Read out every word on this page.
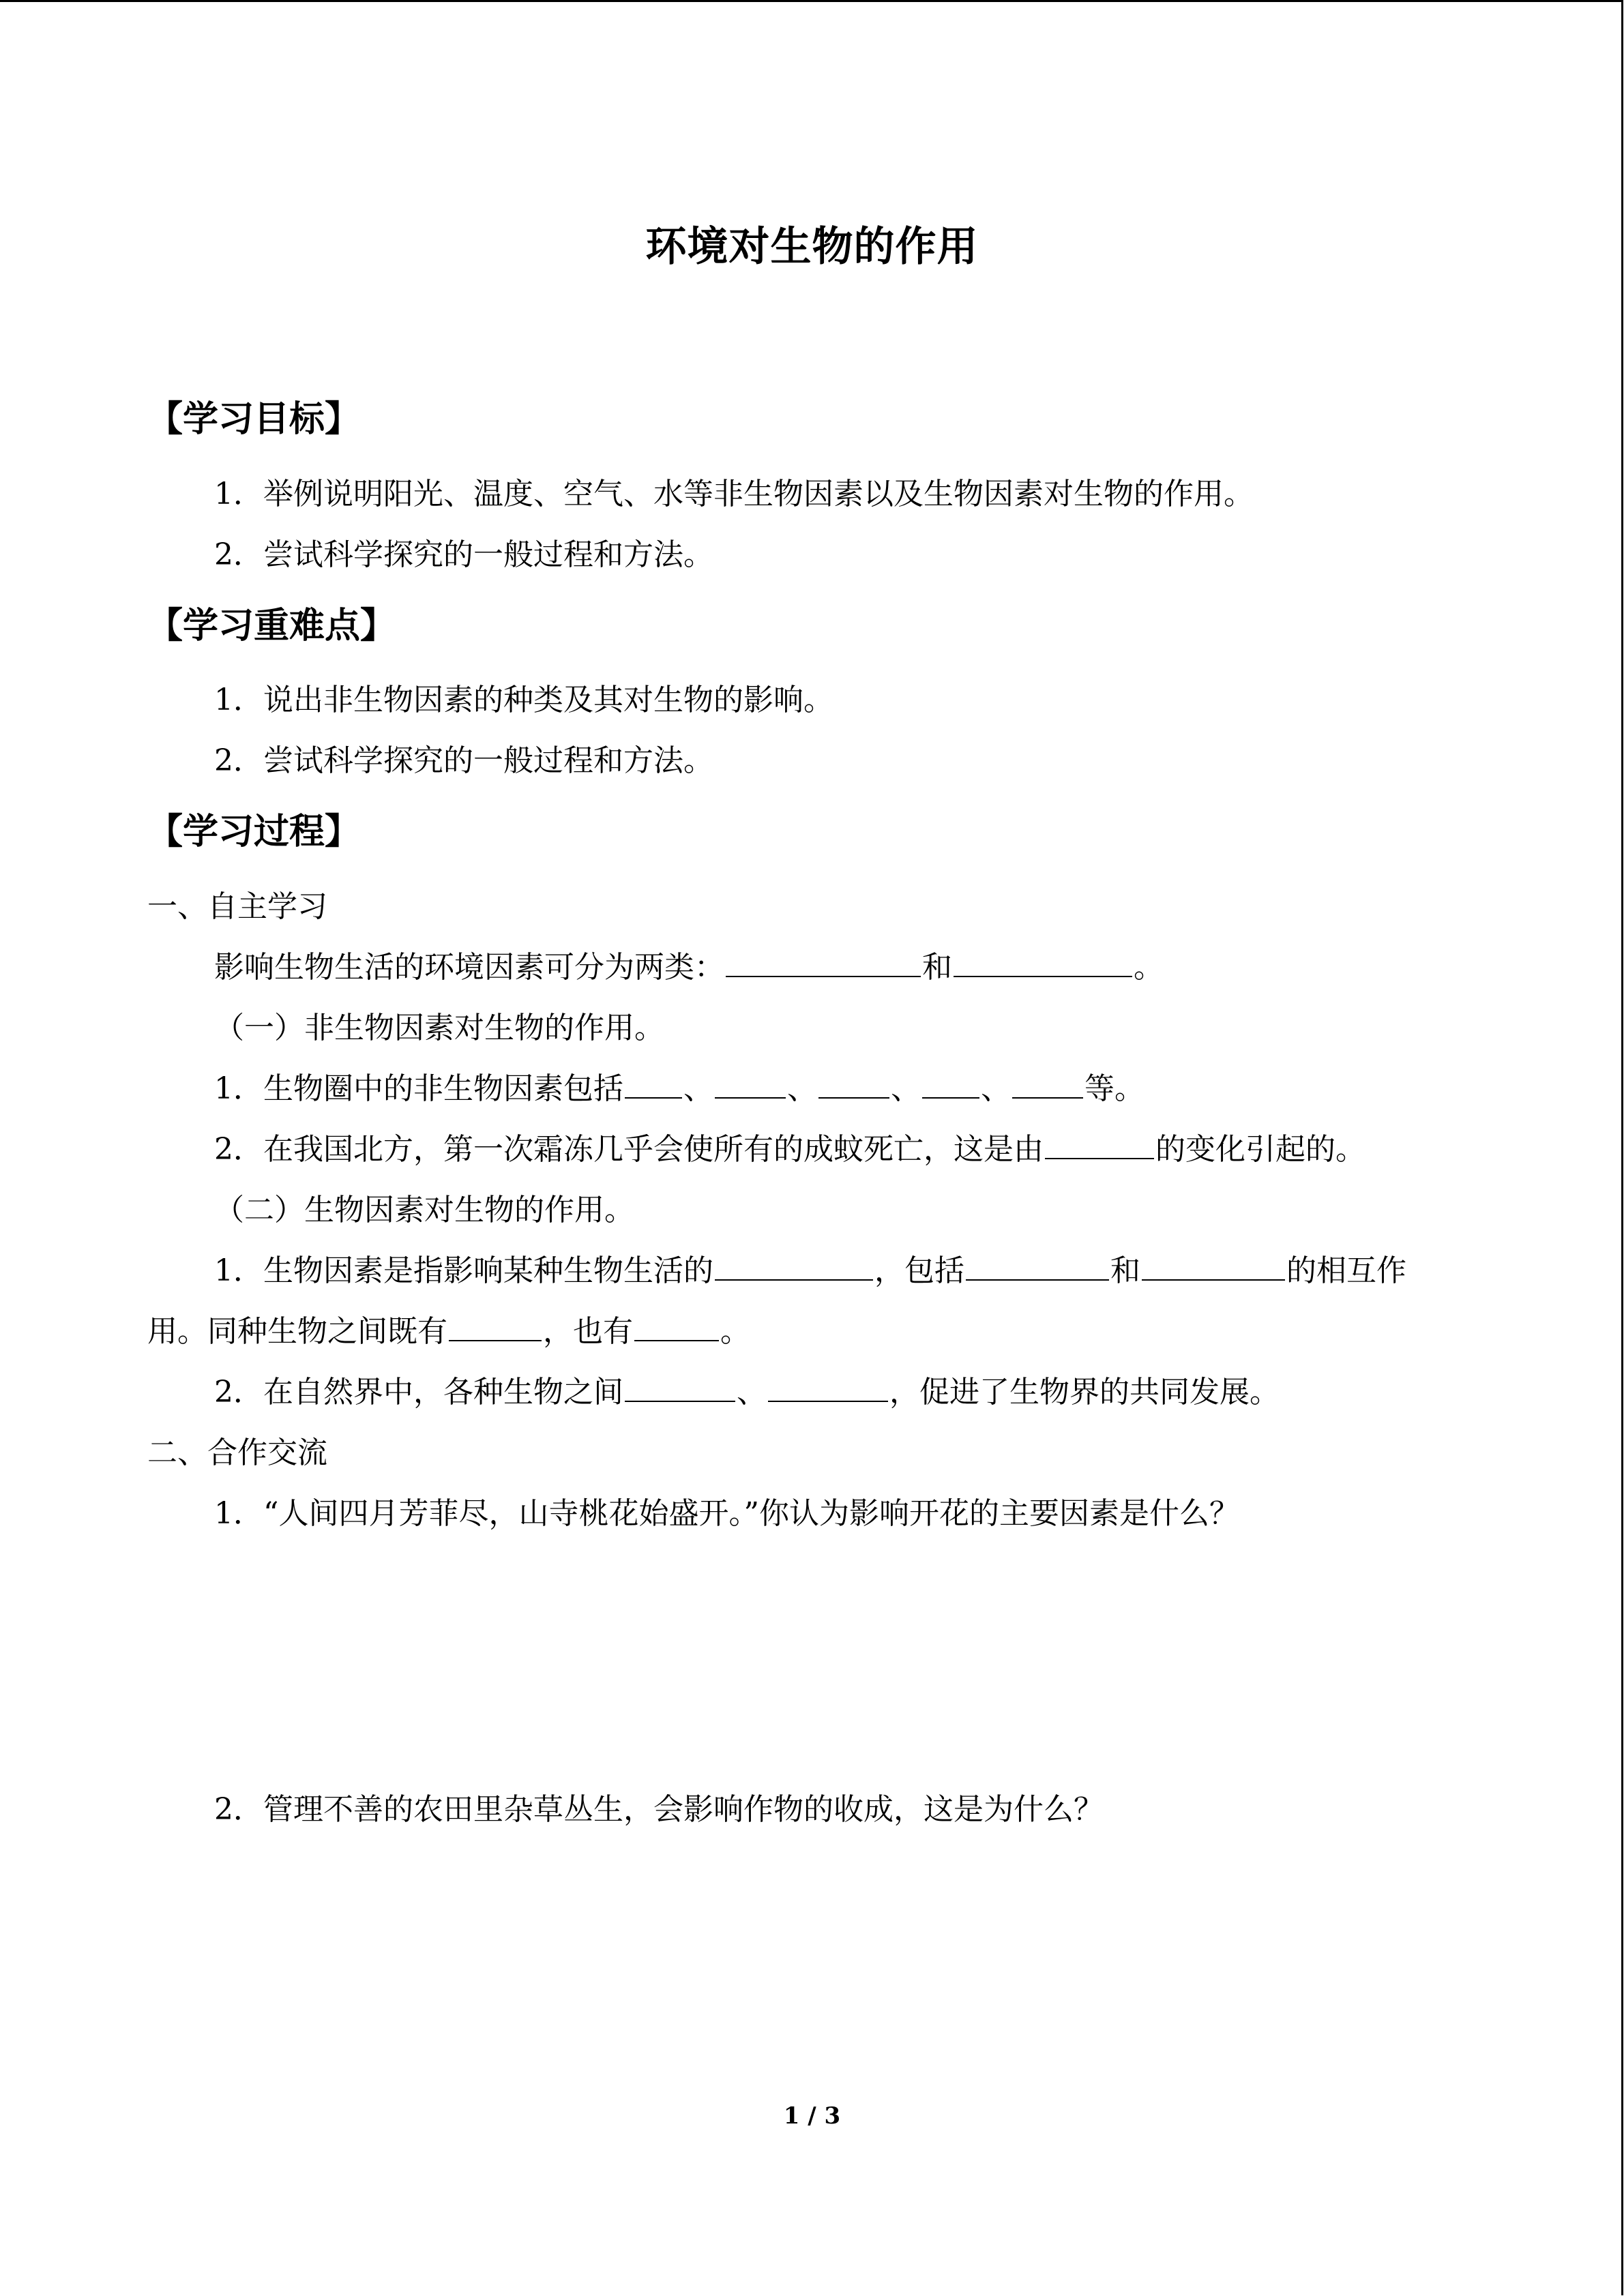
环境对生物的作用
【学习目标】
1．举例说明阳光、温度、空气、水等非生物因素以及生物因素对生物的作用。
2．尝试科学探究的一般过程和方法。
【学习重难点】
1．说出非生物因素的种类及其对生物的影响。
2．尝试科学探究的一般过程和方法。
【学习过程】
一、自主学习
影响生物生活的环境因素可分为两类：	和	。
（一）非生物因素对生物的作用。
1．生物圈中的非生物因素包括 、 、 、 、 等。
2．在我国北方，第一次霜冻几乎会使所有的成蚊死亡，这是由	的变化引起的。
（二）生物因素对生物的作用。
1．生物因素是指影响某种生物生活的	，包括	和	的相互作
用。同种生物之间既有	，也有	。
2．在自然界中，各种生物之间	、	，促进了生物界的共同发展。
二、合作交流
1．“人间四月芳菲尽，山寺桃花始盛开。”你认为影响开花的主要因素是什么？
2．管理不善的农田里杂草丛生，会影响作物的收成，这是为什么？
1 / 3
